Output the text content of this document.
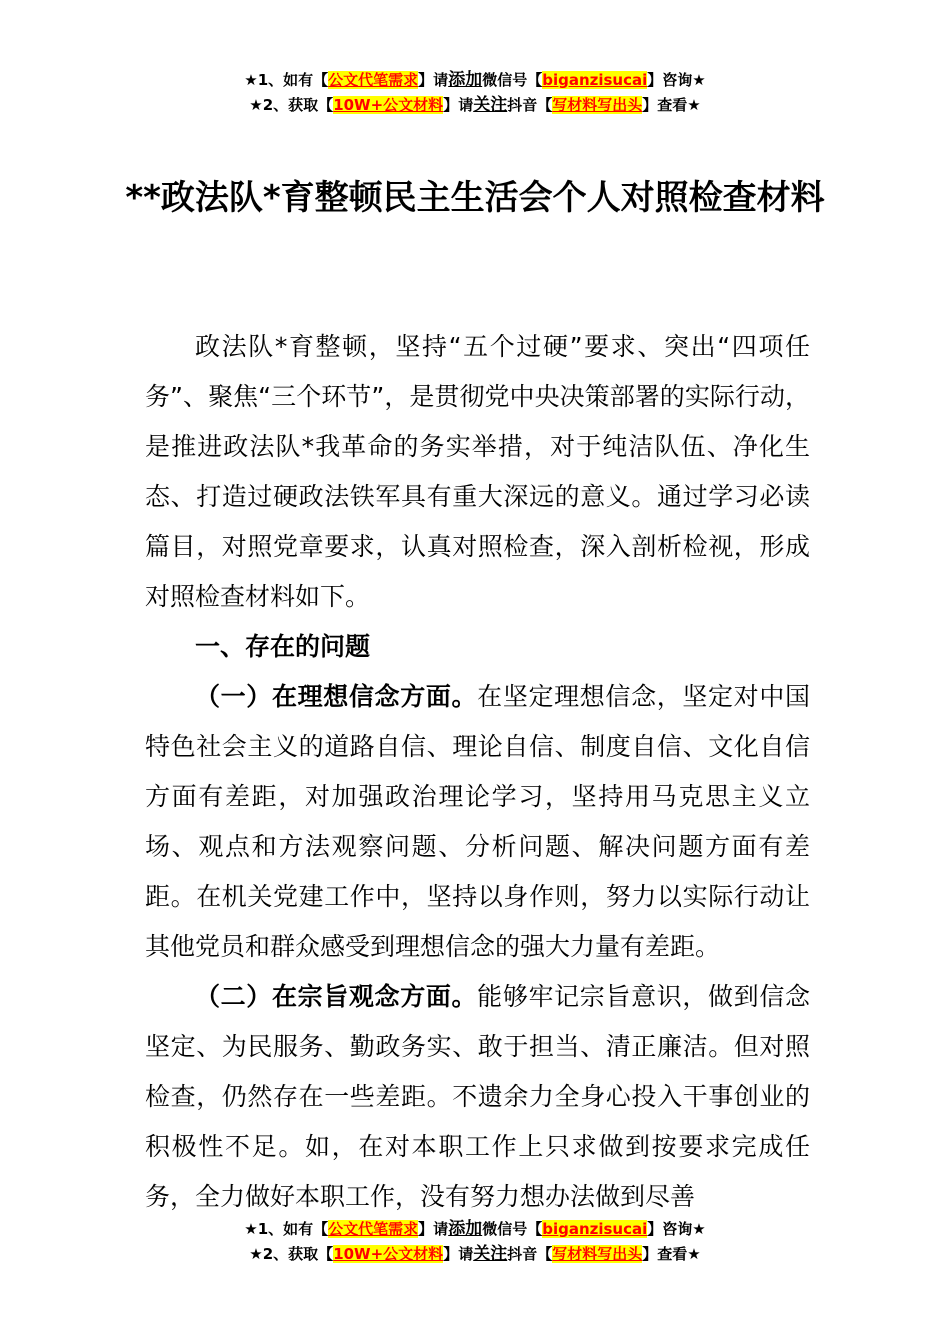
★1、如有【公文代笔需求】请添加微信号【biganzisucai】咨询★
★2、获取【10W+公文材料】请关注抖音【写材料写出头】查看★
**政法队*育整顿民主生活会个人对照检查材料

政法队*育整顿，坚持“五个过硬”要求、突出“四项任务”、聚焦“三个环节”，是贯彻党中央决策部署的实际行动，是推进政法队*我革命的务实举措，对于纯洁队伍、净化生态、打造过硬政法铁军具有重大深远的意义。通过学习必读篇目，对照党章要求，认真对照检查，深入剖析检视，形成对照检查材料如下。

一、存在的问题

（一）在理想信念方面。在坚定理想信念，坚定对中国特色社会主义的道路自信、理论自信、制度自信、文化自信方面有差距，对加强政治理论学习，坚持用马克思主义立场、观点和方法观察问题、分析问题、解决问题方面有差距。在机关党建工作中，坚持以身作则，努力以实际行动让其他党员和群众感受到理想信念的强大力量有差距。

（二）在宗旨观念方面。能够牢记宗旨意识，做到信念坚定、为民服务、勤政务实、敢于担当、清正廉洁。但对照检查，仍然存在一些差距。不遗余力全身心投入干事创业的积极性不足。如，在对本职工作上只求做到按要求完成任务，全力做好本职工作，没有努力想办法做到尽善

★1、如有【公文代笔需求】请添加微信号【biganzisucai】咨询★
★2、获取【10W+公文材料】请关注抖音【写材料写出头】查看★
